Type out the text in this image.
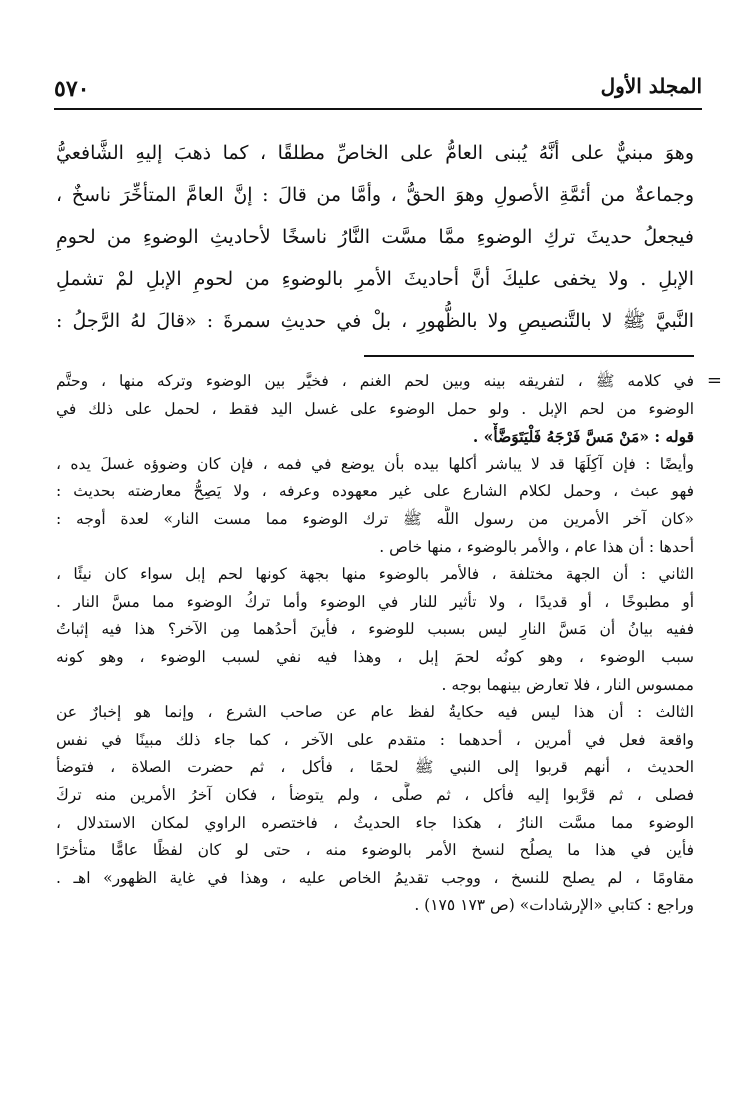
المجلد الأول
٥٧٠
وهوَ مبنيٌّ على أنَّهُ يُبنى العامُّ على الخاصِّ مطلقًا ، كما ذهبَ إليهِ الشَّافعيُّ
وجماعةٌ من أئمَّةِ الأصولِ وهوَ الحقُّ ، وأمَّا من قالَ : إنَّ العامَّ المتأخِّرَ ناسخٌ ،
فيجعلُ حديثَ تركِ الوضوءِ ممَّا مسَّت النَّارُ ناسخًا لأحاديثِ الوضوءِ من لحومِ
الإبلِ . ولا يخفى عليكَ أنَّ أحاديثَ الأمرِ بالوضوءِ من لحومِ الإبلِ لمْ تشملِ
النَّبيَّ ﷺ لا بالتَّنصيصِ ولا بالظُّهورِ ، بلْ في حديثِ سمرةَ : «قالَ لهُ الرَّجلُ :
=
في كلامه ﷺ ، لتفريقه بينه وبين لحم الغنم ، فخيَّر بين الوضوء وتركه منها ، وحتَّم
الوضوء من لحم الإبل . ولو حمل الوضوء على غسل اليد فقط ، لحمل على ذلك في
قوله : «مَنْ مَسَّ فَرْجَهُ فَلْيَتَوَضَّأْ» .
وأيضًا : فإن آكِلَهَا قد لا يباشر أكلها بيده بأن يوضع في فمه ، فإن كان وضوؤه غسلَ يده ،
فهو عبث ، وحمل لكلام الشارع على غير معهوده وعرفه ، ولا يَصِحُّ معارضته بحديث :
«كان آخر الأمرين من رسول اللَّه ﷺ ترك الوضوء مما مست النار» لعدة أوجه :
أحدها : أن هذا عام ، والأمر بالوضوء ، منها خاص .
الثاني : أن الجهة مختلفة ، فالأمر بالوضوء منها بجهة كونها لحم إبل سواء كان نيئًا ،
أو مطبوخًا ، أو قديدًا ، ولا تأثير للنار في الوضوء وأما تركُ الوضوء مما مسَّ النار .
ففيه بيانُ أن مَسَّ النارِ ليس بسبب للوضوء ، فأينَ أحدُهما مِن الآخر؟ هذا فيه إثباتُ
سبب الوضوء ، وهو كونُه لحمَ إبل ، وهذا فيه نفي لسبب الوضوء ، وهو كونه
ممسوس النار ، فلا تعارض بينهما بوجه .
الثالث : أن هذا ليس فيه حكايةُ لفظ عام عن صاحب الشرع ، وإنما هو إخبارٌ عن
واقعة فعل في أمرين ، أحدهما : متقدم على الآخر ، كما جاء ذلك مبينًا في نفس
الحديث ، أنهم قربوا إلى النبي ﷺ لحمًا ، فأكل ، ثم حضرت الصلاة ، فتوضأ
فصلى ، ثم قرَّبوا إليه فأكل ، ثم صلَّى ، ولم يتوضأ ، فكان آخرُ الأمرين منه تركَ
الوضوء مما مسَّت النارُ ، هكذا جاء الحديثُ ، فاختصره الراوي لمكان الاستدلال ،
فأين في هذا ما يصلُح لنسخ الأمر بالوضوء منه ، حتى لو كان لفظًا عامًّا متأخرًا
مقاومًا ، لم يصلح للنسخ ، ووجب تقديمُ الخاص عليه ، وهذا في غاية الظهور» اهـ .
وراجع : كتابي «الإرشادات» (ص ١٧٣ ١٧٥) .
